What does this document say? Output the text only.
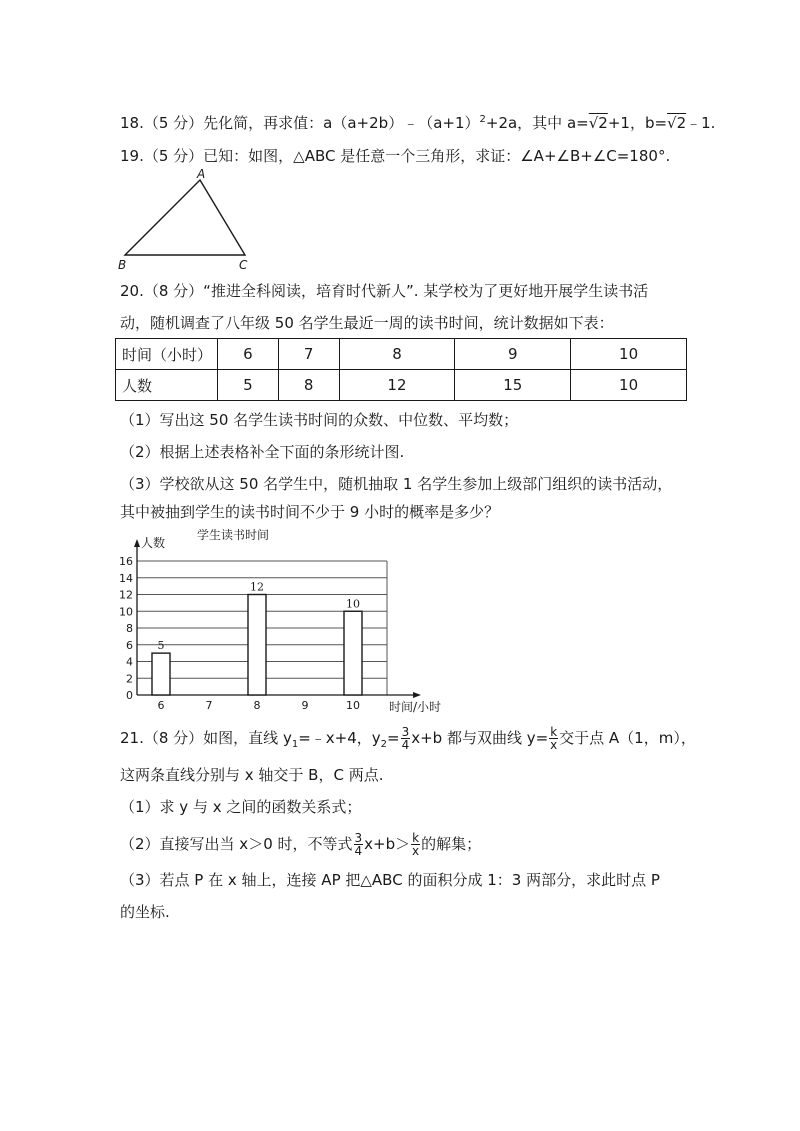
18.（5 分）先化简，再求值：$a(a+2b)﹣(a+1)^2+2a$，其中 a=√2+1，b=√2﹣1.
19.（5 分）已知：如图，△ABC 是任意一个三角形，求证：∠A+∠B+∠C=180°.
A
B	C
20.（8 分）“推进全科阅读，培育时代新人”. 某学校为了更好地开展学生读书活
动，随机调查了八年级 50 名学生最近一周的读书时间，统计数据如下表：
时间（小时）	6	7	8	9	10
人数	5	8	12	15	10
（1）写出这 50 名学生读书时间的众数、中位数、平均数；
（2）根据上述表格补全下面的条形统计图.
（3）学校欲从这 50 名学生中，随机抽取 1 名学生参加上级部门组织的读书活动，
其中被抽到学生的读书时间不少于 9 小时的概率是多少？
0
2
4
6
8
10
12
14
16
学生读书时间
人数
时间/小时
6
5
7	8
12
9	10
10
21.（8 分）如图，直线 $y_1=﹣x+4$，$y_2= \frac{3}{4} x+b$ 都与双曲线 $y= \frac{k}{x}$ 交于点 A（1，m），
这两条直线分别与 x 轴交于 B，C 两点.
（1）求 y 与 x 之间的函数关系式；
（2）直接写出当 x＞0 时，不等式 $\frac{3}{4} x+b> \frac{k}{x}$ 的解集；
（3）若点 P 在 x 轴上，连接 AP 把△ABC 的面积分成 1：3 两部分，求此时点 P
的坐标.
